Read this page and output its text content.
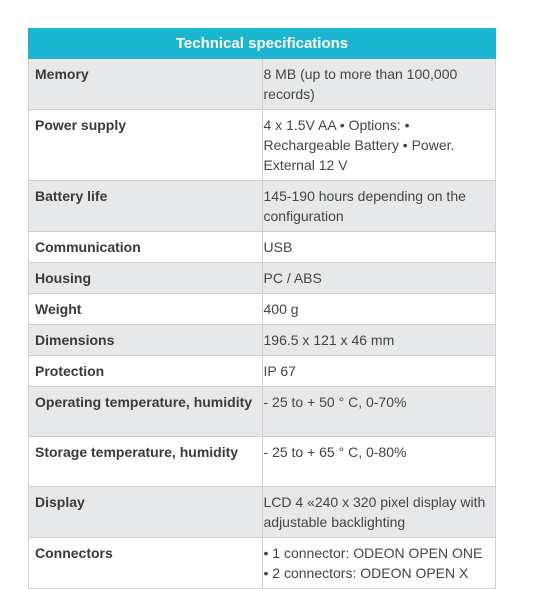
Technical specifications	
Memory	8 MB (up to more than 100,000 records)
Power supply	4 x 1.5V AA • Options: • Rechargeable Battery • Power. External 12 V
Battery life	145-190 hours depending on the configuration
Communication	USB
Housing	PC / ABS
Weight	400 g
Dimensions	196.5 x 121 x 46 mm
Protection	IP 67
Operating temperature, humidity	- 25 to + 50 ° C, 0-70%
Storage temperature, humidity	- 25 to + 65 ° C, 0-80%
Display	LCD 4 «240 x 320 pixel display with adjustable backlighting
Connectors	• 1 connector: ODEON OPEN ONE
• 2 connectors: ODEON OPEN X
